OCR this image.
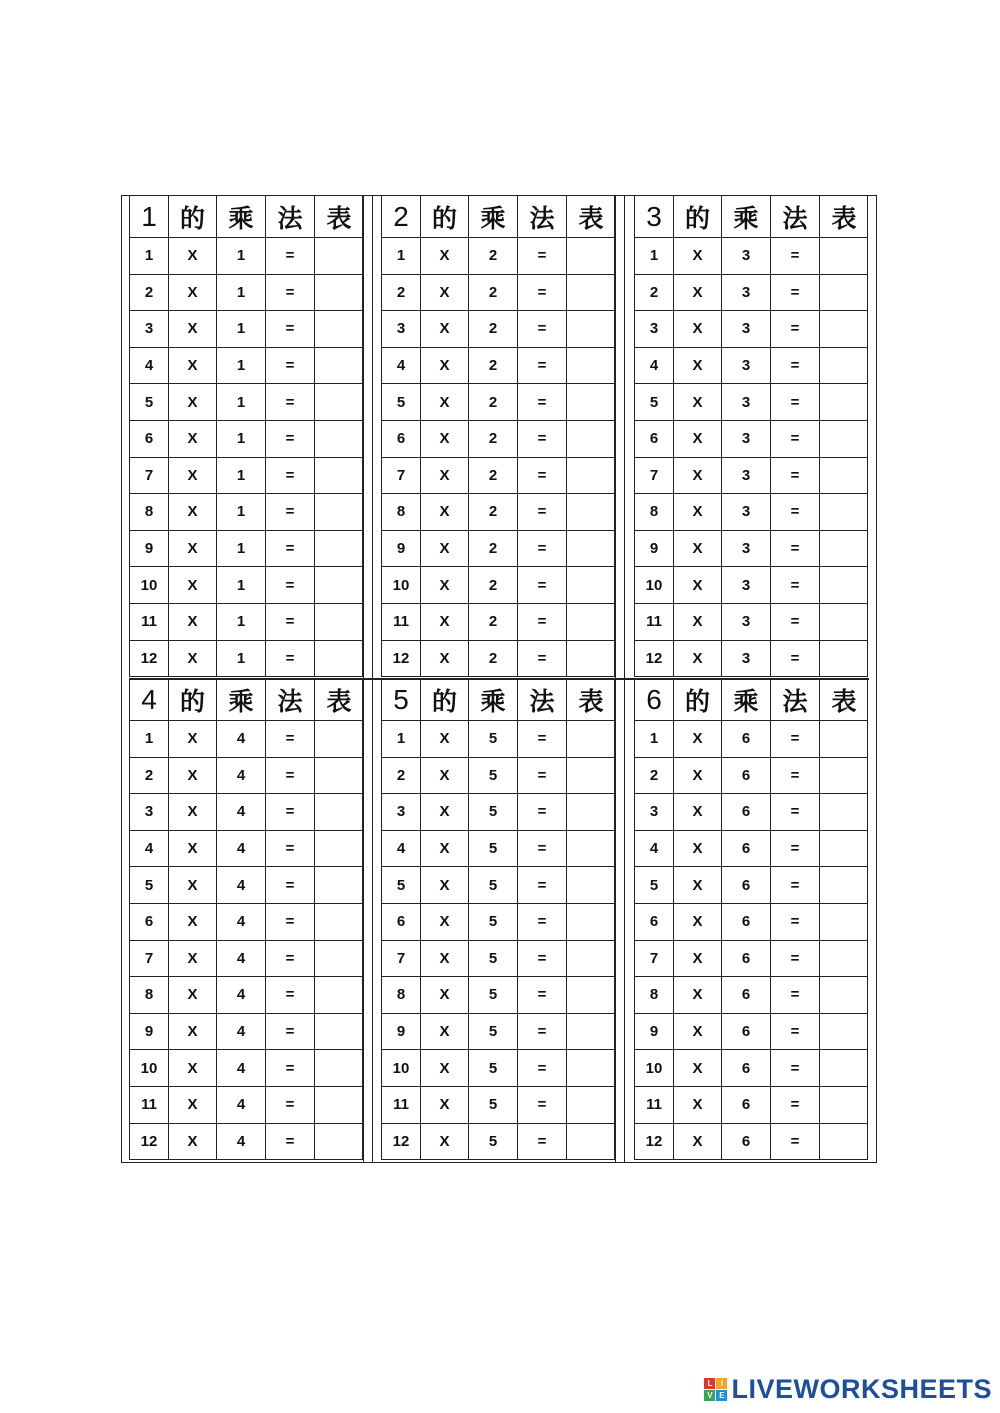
1 的 乘 法 表
1	X	1	=
2	X	1	=
3	X	1	=
4	X	1	=
5	X	1	=
6	X	1	=
7	X	1	=
8	X	1	=
9	X	1	=
10	X	1	=
11	X	1	=
12	X	1	=
2 的 乘 法 表
1	X	2	=
2	X	2	=
3	X	2	=
4	X	2	=
5	X	2	=
6	X	2	=
7	X	2	=
8	X	2	=
9	X	2	=
10	X	2	=
11	X	2	=
12	X	2	=
3 的 乘 法 表
1	X	3	=
2	X	3	=
3	X	3	=
4	X	3	=
5	X	3	=
6	X	3	=
7	X	3	=
8	X	3	=
9	X	3	=
10	X	3	=
11	X	3	=
12	X	3	=
4 的 乘 法 表
1	X	4	=
2	X	4	=
3	X	4	=
4	X	4	=
5	X	4	=
6	X	4	=
7	X	4	=
8	X	4	=
9	X	4	=
10	X	4	=
11	X	4	=
12	X	4	=
5 的 乘 法 表
1	X	5	=
2	X	5	=
3	X	5	=
4	X	5	=
5	X	5	=
6	X	5	=
7	X	5	=
8	X	5	=
9	X	5	=
10	X	5	=
11	X	5	=
12	X	5	=
6 的 乘 法 表
1	X	6	=
2	X	6	=
3	X	6	=
4	X	6	=
5	X	6	=
6	X	6	=
7	X	6	=
8	X	6	=
9	X	6	=
10	X	6	=
11	X	6	=
12	X	6	=
L	I
V E LIVEWORKSHEETS
